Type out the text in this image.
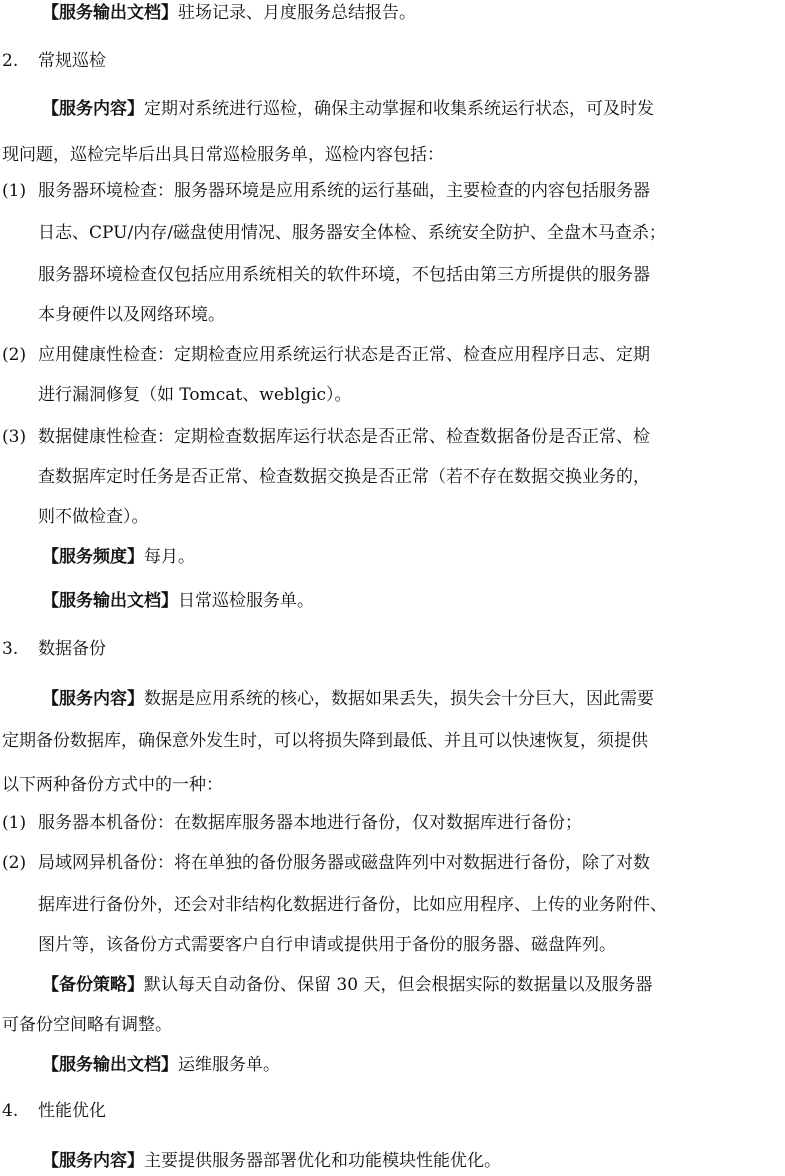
【服务输出文档】驻场记录、月度服务总结报告。
2. 常规巡检
【服务内容】定期对系统进行巡检，确保主动掌握和收集系统运行状态，可及时发
现问题，巡检完毕后出具日常巡检服务单，巡检内容包括：
(1) 服务器环境检查：服务器环境是应用系统的运行基础，主要检查的内容包括服务器
日志、CPU/内存/磁盘使用情况、服务器安全体检、系统安全防护、全盘木马查杀；
服务器环境检查仅包括应用系统相关的软件环境，不包括由第三方所提供的服务器
本身硬件以及网络环境。
(2) 应用健康性检查：定期检查应用系统运行状态是否正常、检查应用程序日志、定期
进行漏洞修复（如 Tomcat、weblgic）。
(3) 数据健康性检查：定期检查数据库运行状态是否正常、检查数据备份是否正常、检
查数据库定时任务是否正常、检查数据交换是否正常（若不存在数据交换业务的，
则不做检查）。
【服务频度】每月。
【服务输出文档】日常巡检服务单。
3. 数据备份
【服务内容】数据是应用系统的核心，数据如果丢失，损失会十分巨大，因此需要
定期备份数据库，确保意外发生时，可以将损失降到最低、并且可以快速恢复，须提供
以下两种备份方式中的一种：
(1) 服务器本机备份：在数据库服务器本地进行备份，仅对数据库进行备份；
(2) 局域网异机备份：将在单独的备份服务器或磁盘阵列中对数据进行备份，除了对数
据库进行备份外，还会对非结构化数据进行备份，比如应用程序、上传的业务附件、
图片等，该备份方式需要客户自行申请或提供用于备份的服务器、磁盘阵列。
【备份策略】默认每天自动备份、保留 30 天，但会根据实际的数据量以及服务器
可备份空间略有调整。
【服务输出文档】运维服务单。
4. 性能优化
【服务内容】主要提供服务器部署优化和功能模块性能优化。
